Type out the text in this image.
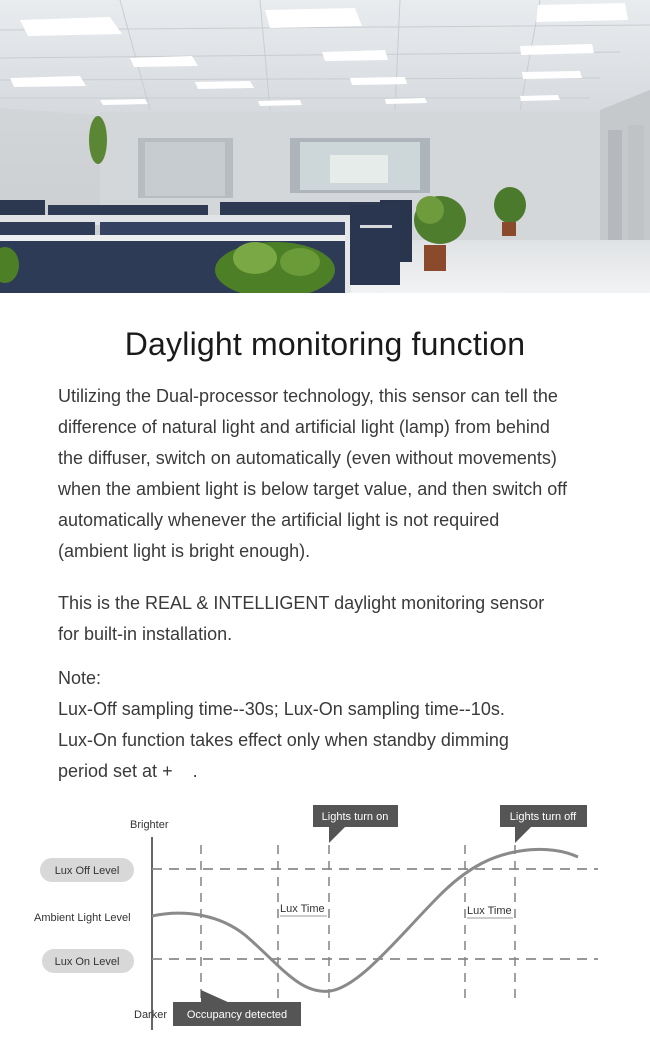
Daylight monitoring function

Utilizing the Dual-processor technology, this sensor can tell the

difference of natural light and artificial light (lamp) from behind

the diffuser, switch on automatically (even without movements)

when the ambient light is below target value, and then switch off

automatically whenever the artificial light is not required

(ambient light is bright enough).

This is the REAL & INTELLIGENT daylight monitoring sensor

for built-in installation.

Note:

Lux-Off sampling time--30s; Lux-On sampling time--10s.

Lux-On function takes effect only when standby dimming

period set at +    .

Brighter
Darker
Ambient Light Level
Lux Off Level
Lux On Level
Lux Time	Lux Time
Lights turn on	Lights turn off
Occupancy detected
